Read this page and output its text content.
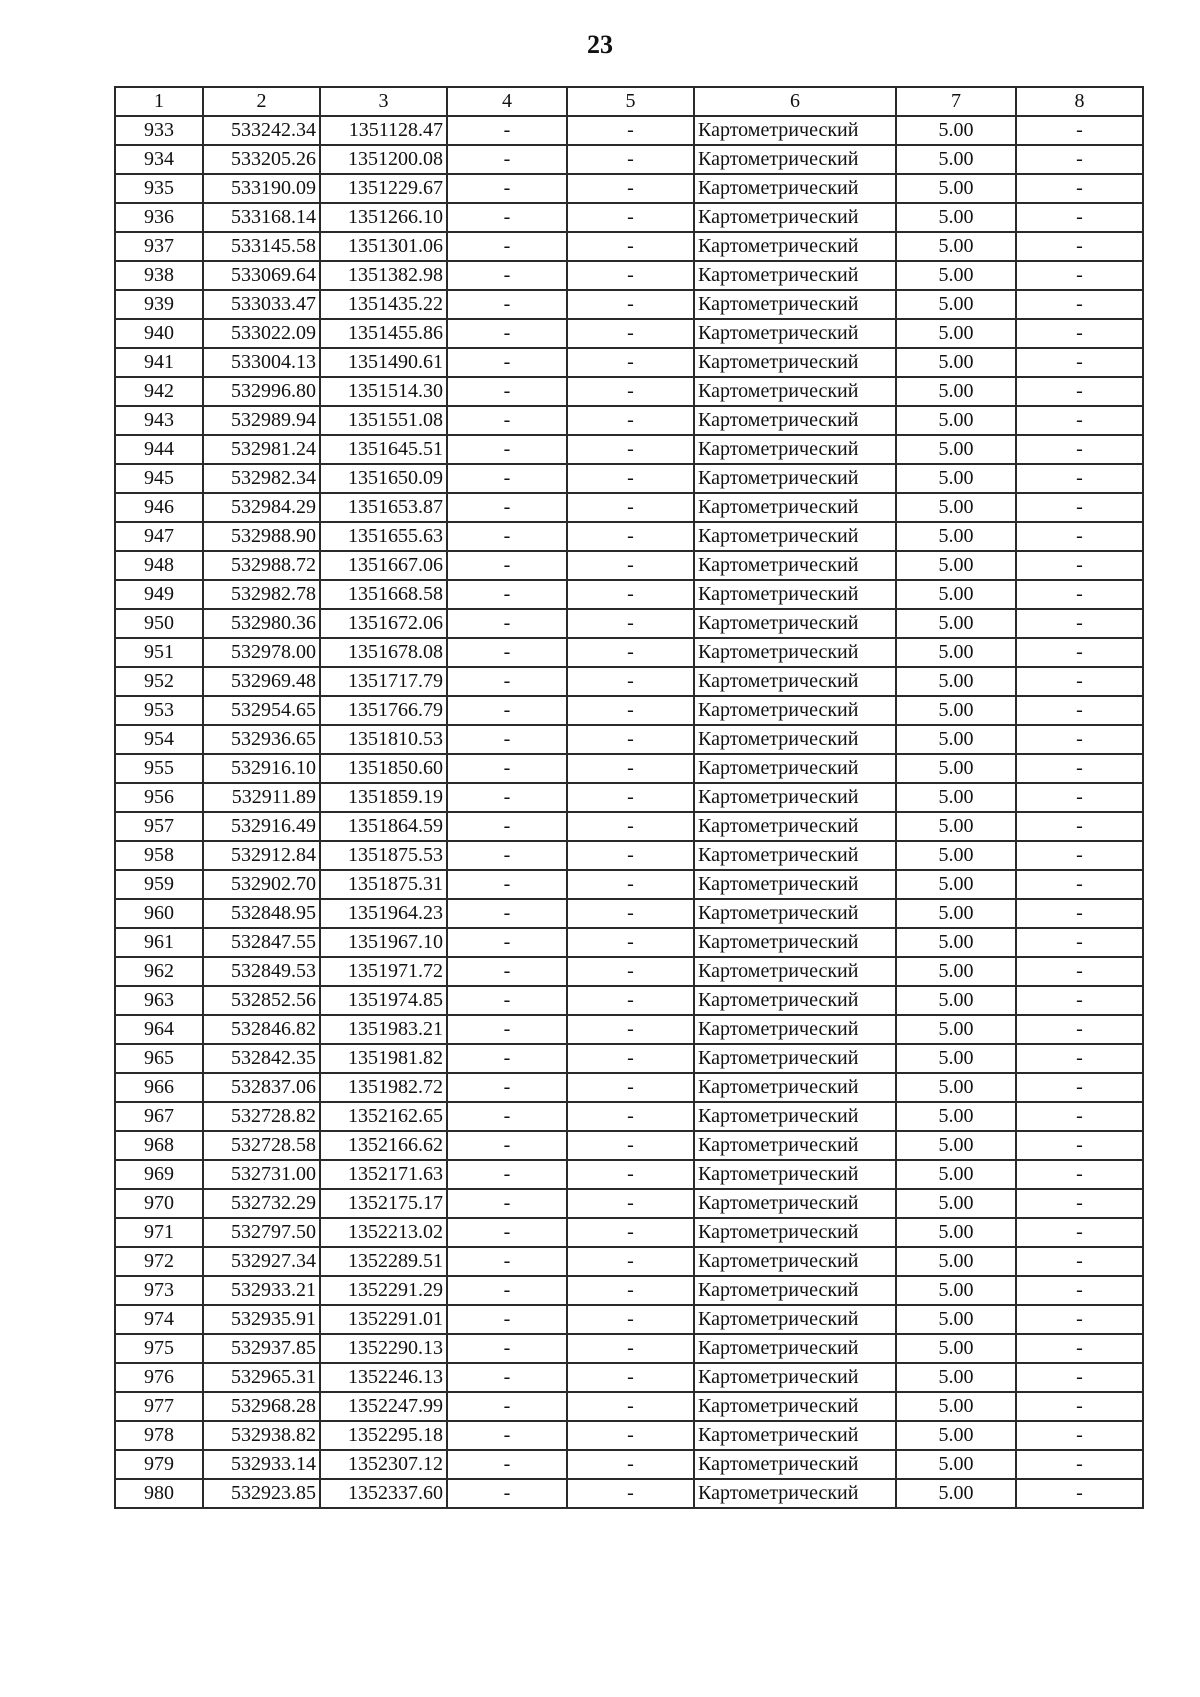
23
1	2	3	4	5	6	7	8
933	533242.34	1351128.47	-	-	Картометрический	5.00	-
934	533205.26	1351200.08	-	-	Картометрический	5.00	-
935	533190.09	1351229.67	-	-	Картометрический	5.00	-
936	533168.14	1351266.10	-	-	Картометрический	5.00	-
937	533145.58	1351301.06	-	-	Картометрический	5.00	-
938	533069.64	1351382.98	-	-	Картометрический	5.00	-
939	533033.47	1351435.22	-	-	Картометрический	5.00	-
940	533022.09	1351455.86	-	-	Картометрический	5.00	-
941	533004.13	1351490.61	-	-	Картометрический	5.00	-
942	532996.80	1351514.30	-	-	Картометрический	5.00	-
943	532989.94	1351551.08	-	-	Картометрический	5.00	-
944	532981.24	1351645.51	-	-	Картометрический	5.00	-
945	532982.34	1351650.09	-	-	Картометрический	5.00	-
946	532984.29	1351653.87	-	-	Картометрический	5.00	-
947	532988.90	1351655.63	-	-	Картометрический	5.00	-
948	532988.72	1351667.06	-	-	Картометрический	5.00	-
949	532982.78	1351668.58	-	-	Картометрический	5.00	-
950	532980.36	1351672.06	-	-	Картометрический	5.00	-
951	532978.00	1351678.08	-	-	Картометрический	5.00	-
952	532969.48	1351717.79	-	-	Картометрический	5.00	-
953	532954.65	1351766.79	-	-	Картометрический	5.00	-
954	532936.65	1351810.53	-	-	Картометрический	5.00	-
955	532916.10	1351850.60	-	-	Картометрический	5.00	-
956	532911.89	1351859.19	-	-	Картометрический	5.00	-
957	532916.49	1351864.59	-	-	Картометрический	5.00	-
958	532912.84	1351875.53	-	-	Картометрический	5.00	-
959	532902.70	1351875.31	-	-	Картометрический	5.00	-
960	532848.95	1351964.23	-	-	Картометрический	5.00	-
961	532847.55	1351967.10	-	-	Картометрический	5.00	-
962	532849.53	1351971.72	-	-	Картометрический	5.00	-
963	532852.56	1351974.85	-	-	Картометрический	5.00	-
964	532846.82	1351983.21	-	-	Картометрический	5.00	-
965	532842.35	1351981.82	-	-	Картометрический	5.00	-
966	532837.06	1351982.72	-	-	Картометрический	5.00	-
967	532728.82	1352162.65	-	-	Картометрический	5.00	-
968	532728.58	1352166.62	-	-	Картометрический	5.00	-
969	532731.00	1352171.63	-	-	Картометрический	5.00	-
970	532732.29	1352175.17	-	-	Картометрический	5.00	-
971	532797.50	1352213.02	-	-	Картометрический	5.00	-
972	532927.34	1352289.51	-	-	Картометрический	5.00	-
973	532933.21	1352291.29	-	-	Картометрический	5.00	-
974	532935.91	1352291.01	-	-	Картометрический	5.00	-
975	532937.85	1352290.13	-	-	Картометрический	5.00	-
976	532965.31	1352246.13	-	-	Картометрический	5.00	-
977	532968.28	1352247.99	-	-	Картометрический	5.00	-
978	532938.82	1352295.18	-	-	Картометрический	5.00	-
979	532933.14	1352307.12	-	-	Картометрический	5.00	-
980	532923.85	1352337.60	-	-	Картометрический	5.00	-
